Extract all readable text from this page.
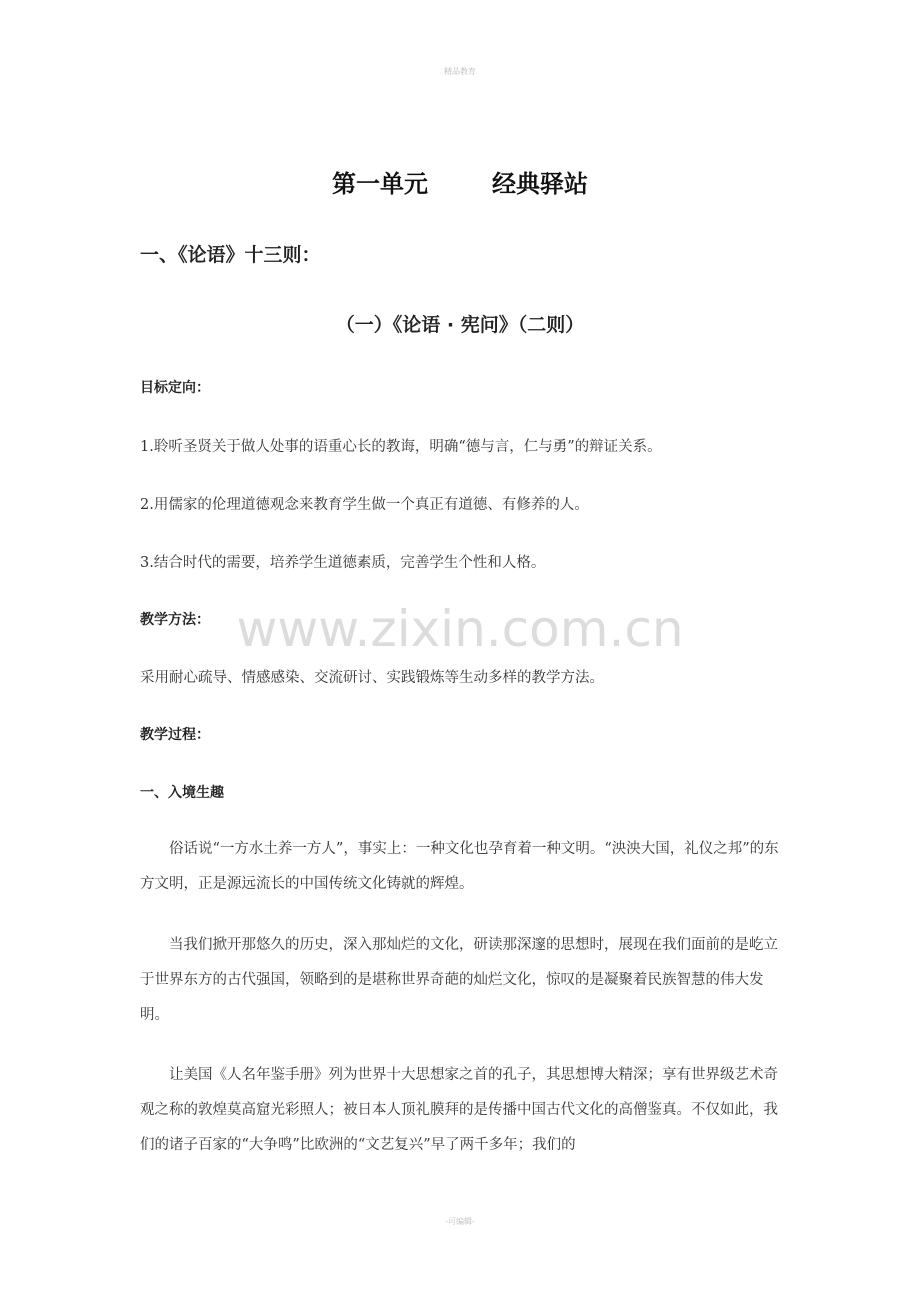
精品教育
www.zixin.com.cn
第一单元	经典驿站
一、《论语》十三则：
（一）《论语 · 宪问》（二则）
目标定向：
1.聆听圣贤关于做人处事的语重心长的教诲，明确“德与言，仁与勇”的辩证关系。
2.用儒家的伦理道德观念来教育学生做一个真正有道德、有修养的人。
3.结合时代的需要，培养学生道德素质，完善学生个性和人格。
教学方法：
采用耐心疏导、情感感染、交流研讨、实践锻炼等生动多样的教学方法。
教学过程：
一、入境生趣

俗话说“一方水土养一方人”，事实上：一种文化也孕育着一种文明。“泱泱大国，礼仪之邦”的东方文明，正是源远流长的中国传统文化铸就的辉煌。

当我们掀开那悠久的历史，深入那灿烂的文化，研读那深邃的思想时，展现在我们面前的是屹立于世界东方的古代强国，领略到的是堪称世界奇葩的灿烂文化，惊叹的是凝聚着民族智慧的伟大发明。

让美国《人名年鉴手册》列为世界十大思想家之首的孔子，其思想博大精深；享有世界级艺术奇观之称的敦煌莫高窟光彩照人；被日本人顶礼膜拜的是传播中国古代文化的高僧鉴真。不仅如此，我们的诸子百家的“大争鸣”比欧洲的“文艺复兴”早了两千多年；我们的

-可编辑-
